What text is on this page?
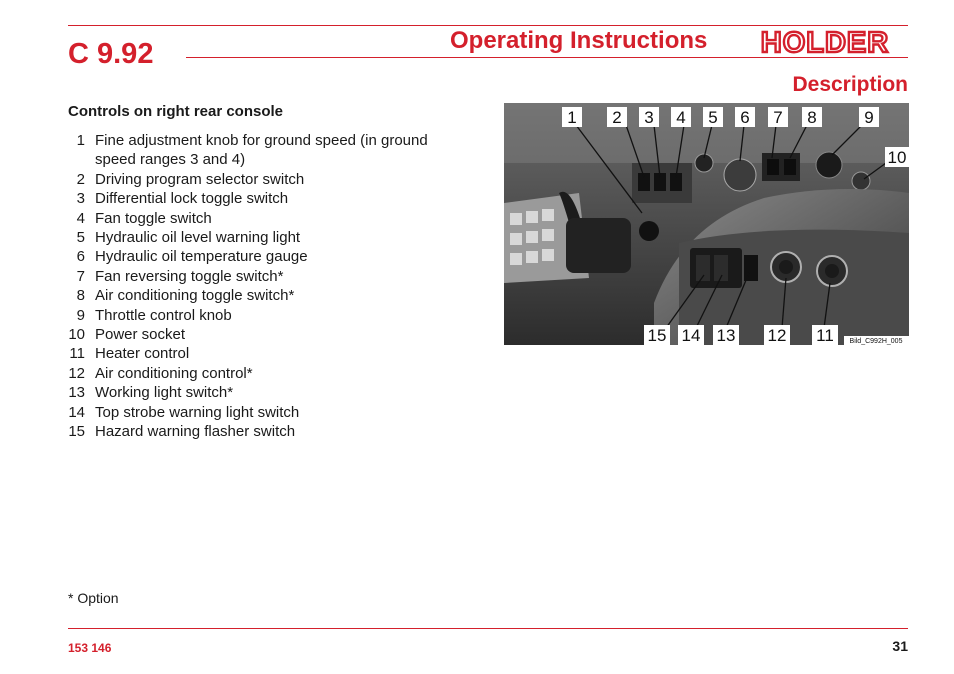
C 9.92	Operating Instructions HOLDER
Description
Controls on right rear console
1 Fine adjustment knob for ground speed (in ground speed ranges 3 and 4)
2 Driving program selector switch
3 Differential lock toggle switch
4 Fan toggle switch
5 Hydraulic oil level warning light
6 Hydraulic oil temperature gauge
7 Fan reversing toggle switch*
8 Air conditioning toggle switch*
9 Throttle control knob
10 Power socket
11 Heater control
12 Air conditioning control*
13 Working light switch*
14 Top strobe warning light switch
15 Hazard warning flasher switch
1 2 3 4 5 6 7 8	9
10
15 14 13 12 11 Bild_C992H_005
* Option
153 146	31
